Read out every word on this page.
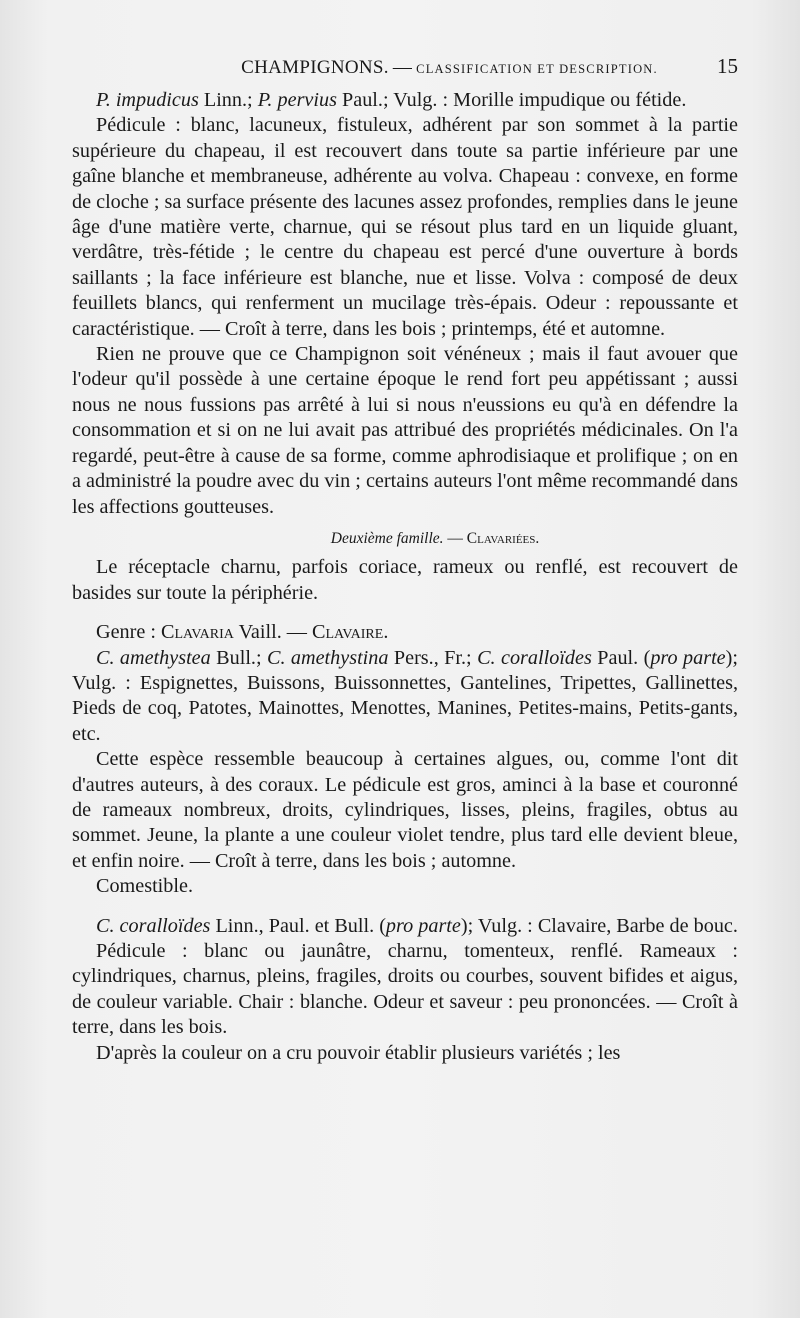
CHAMPIGNONS. — CLASSIFICATION ET DESCRIPTION.	15

P. impudicus Linn.; P. pervius Paul.; Vulg. : Morille impudique ou fétide.

Pédicule : blanc, lacuneux, fistuleux, adhérent par son sommet à la partie supérieure du chapeau, il est recouvert dans toute sa partie inférieure par une gaîne blanche et membraneuse, adhérente au volva. Chapeau : convexe, en forme de cloche ; sa surface présente des lacunes assez profondes, remplies dans le jeune âge d'une matière verte, charnue, qui se résout plus tard en un liquide gluant, verdâtre, très-fétide ; le centre du chapeau est percé d'une ouverture à bords saillants ; la face inférieure est blanche, nue et lisse. Volva : composé de deux feuillets blancs, qui renferment un mucilage très-épais. Odeur : repoussante et caractéristique. — Croît à terre, dans les bois ; printemps, été et automne.

Rien ne prouve que ce Champignon soit vénéneux ; mais il faut avouer que l'odeur qu'il possède à une certaine époque le rend fort peu appétissant ; aussi nous ne nous fussions pas arrêté à lui si nous n'eussions eu qu'à en défendre la consommation et si on ne lui avait pas attribué des propriétés médicinales. On l'a regardé, peut-être à cause de sa forme, comme aphrodisiaque et prolifique ; on en a administré la poudre avec du vin ; certains auteurs l'ont même recommandé dans les affections goutteuses.

Deuxième famille. — Clavariées.

Le réceptacle charnu, parfois coriace, rameux ou renflé, est recouvert de basides sur toute la périphérie.

Genre : Clavaria Vaill. — Clavaire.

C. amethystea Bull.; C. amethystina Pers., Fr.; C. coralloïdes Paul. (pro parte); Vulg. : Espignettes, Buissons, Buissonnettes, Gantelines, Tripettes, Gallinettes, Pieds de coq, Patotes, Mainottes, Menottes, Manines, Petites-mains, Petits-gants, etc.

Cette espèce ressemble beaucoup à certaines algues, ou, comme l'ont dit d'autres auteurs, à des coraux. Le pédicule est gros, aminci à la base et couronné de rameaux nombreux, droits, cylindriques, lisses, pleins, fragiles, obtus au sommet. Jeune, la plante a une couleur violet tendre, plus tard elle devient bleue, et enfin noire. — Croît à terre, dans les bois ; automne.

Comestible.

C. coralloïdes Linn., Paul. et Bull. (pro parte); Vulg. : Clavaire, Barbe de bouc.

Pédicule : blanc ou jaunâtre, charnu, tomenteux, renflé. Rameaux : cylindriques, charnus, pleins, fragiles, droits ou courbes, souvent bifides et aigus, de couleur variable. Chair : blanche. Odeur et saveur : peu prononcées. — Croît à terre, dans les bois.

D'après la couleur on a cru pouvoir établir plusieurs variétés ; les
